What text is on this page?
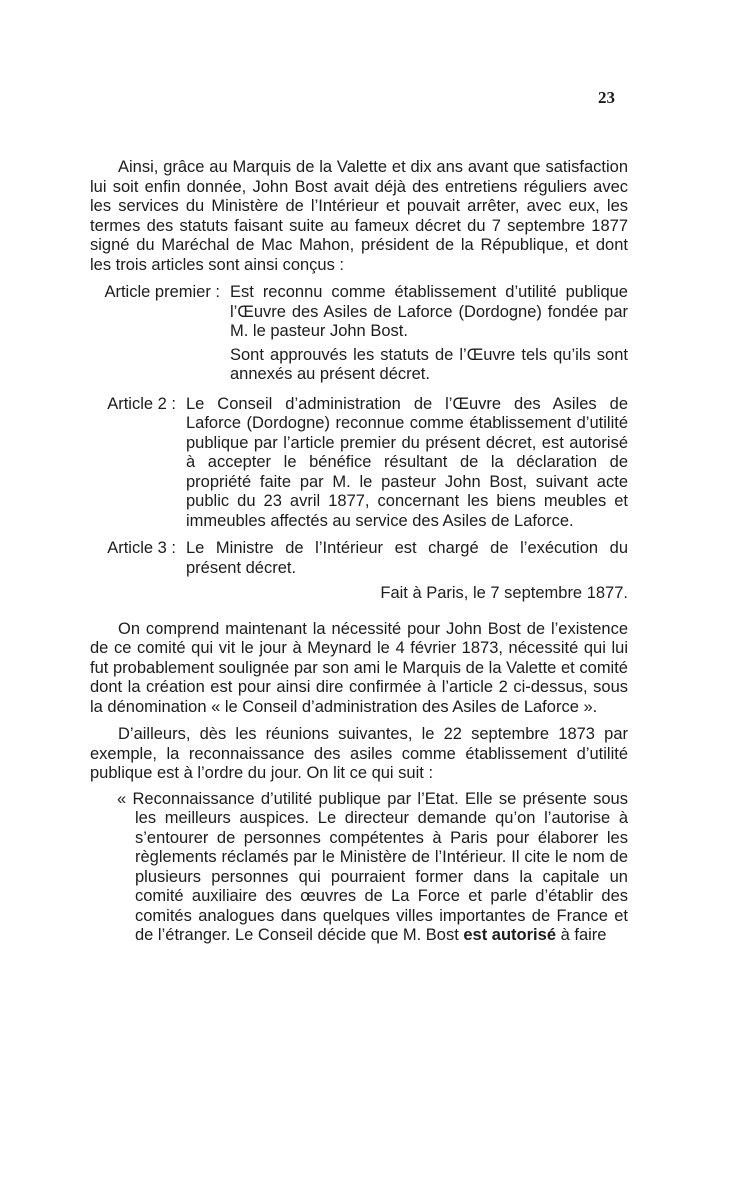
23

Ainsi, grâce au Marquis de la Valette et dix ans avant que satisfaction lui soit enfin donnée, John Bost avait déjà des entretiens réguliers avec les services du Ministère de l’Intérieur et pouvait arrêter, avec eux, les termes des statuts faisant suite au fameux décret du 7 septembre 1877 signé du Maréchal de Mac Mahon, président de la République, et dont les trois articles sont ainsi conçus :

Article premier : Est reconnu comme établissement d’utilité publique l’Œuvre des Asiles de Laforce (Dordogne) fondée par M. le pasteur John Bost.

Sont approuvés les statuts de l’Œuvre tels qu’ils sont annexés au présent décret.

Article 2 : Le Conseil d’administration de l’Œuvre des Asiles de Laforce (Dordogne) reconnue comme établissement d’utilité publique par l’article premier du présent décret, est autorisé à accepter le bénéfice résultant de la déclaration de propriété faite par M. le pasteur John Bost, suivant acte public du 23 avril 1877, concernant les biens meubles et immeubles affectés au service des Asiles de Laforce.

Article 3 : Le Ministre de l’Intérieur est chargé de l’exécution du présent décret.

Fait à Paris, le 7 septembre 1877.

On comprend maintenant la nécessité pour John Bost de l’existence de ce comité qui vit le jour à Meynard le 4 février 1873, nécessité qui lui fut probablement soulignée par son ami le Marquis de la Valette et comité dont la création est pour ainsi dire confirmée à l’article 2 ci-dessus, sous la dénomination « le Conseil d’administration des Asiles de Laforce ».

D’ailleurs, dès les réunions suivantes, le 22 septembre 1873 par exemple, la reconnaissance des asiles comme établissement d’utilité publique est à l’ordre du jour. On lit ce qui suit :

« Reconnaissance d’utilité publique par l’Etat. Elle se présente sous les meilleurs auspices. Le directeur demande qu’on l’autorise à s’entourer de personnes compétentes à Paris pour élaborer les règlements réclamés par le Ministère de l’Intérieur. Il cite le nom de plusieurs personnes qui pourraient former dans la capitale un comité auxiliaire des œuvres de La Force et parle d’établir des comités analogues dans quelques villes importantes de France et de l’étranger. Le Conseil décide que M. Bost est autorisé à faire
